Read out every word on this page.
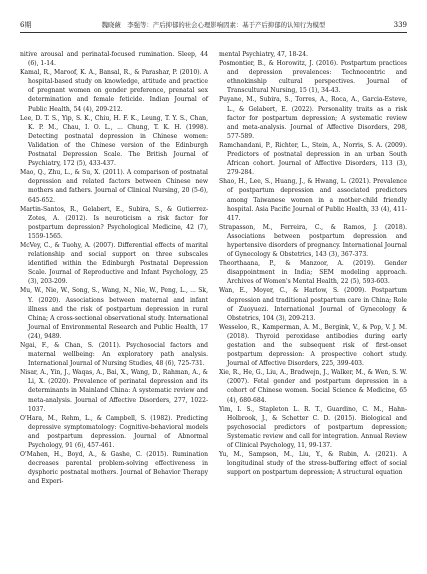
6期	魏晓薇　李强等：产后抑郁的社会心理影响因素：基于产后抑郁的认知行为模型	339

nitive arousal and perinatal-focused rumination. Sleep, 44 (6), 1-14.

Kamal, R., Maroof, K. A., Bansal, R., & Parashar, P. (2010). A hospital-based study on knowledge, attitude and practice of pregnant women on gender preference, prenatal sex determination and female feticide. Indian Journal of Public Health, 54 (4), 209-212.

Lee, D. T. S., Yip, S. K., Chiu, H. F. K., Leung, T. Y. S., Chan, K. P. M., Chau, I. O. L., ... Chung, T. K. H. (1998). Detecting postnatal depression in Chinese women: Validation of the Chinese version of the Edinburgh Postnatal Depression Scale. The British Journal of Psychiatry, 172 (5), 433-437.

Mao, Q., Zhu, L., & Su, X. (2011). A comparison of postnatal depression and related factors between Chinese new mothers and fathers. Journal of Clinical Nursing, 20 (5-6), 645-652.

Martin-Santos, R., Gelabert, E., Subira, S., & Gutierrez-Zotes, A. (2012). Is neuroticism a risk factor for postpartum depression? Psychological Medicine, 42 (7), 1559-1565.

McVey, C., & Tuohy, A. (2007). Differential effects of marital relationship and social support on three subscales identified within the Edinburgh Postnatal Depression Scale. Journal of Reproductive and Infant Psychology, 25 (3), 203-209.

Mu, W., Nie, W., Song, S., Wang, N., Nie, W., Peng, L., ... Sk, Y. (2020). Associations between maternal and infant illness and the risk of postpartum depression in rural China; A cross-sectional observational study. International Journal of Environmental Research and Public Health, 17 (24), 9489.

Ngai, F., & Chan, S. (2011). Psychosocial factors and maternal wellbeing: An exploratory path analysis. International Journal of Nursing Studies, 48 (6), 725-731.

Nisar, A., Yin, J., Waqas, A., Bai, X., Wang, D., Rahman, A., & Li, X. (2020). Prevalence of perinatal depression and its determinants in Mainland China: A systematic review and meta-analysis. Journal of Affective Disorders, 277, 1022-1037.

O'Hara, M., Rehm, L., & Campbell, S. (1982). Predicting depressive symptomatology: Cognitive-behavioral models and postpartum depression. Journal of Abnormal Psychology, 91 (6), 457-461.

O'Mahen, H., Boyd, A., & Gashe, C. (2015). Rumination decreases parental problem-solving effectiveness in dysphoric postnatal mothers. Journal of Behavior Therapy and Experi-

mental Psychiatry, 47, 18-24.

Posmontier, B., & Horowitz, J. (2016). Postpartum practices and depression prevalences: Technocentric and ethnokinship cultural perspectives. Journal of Transcultural Nursing, 15 (1), 34-43.

Puyane, M., Subira, S., Torres, A., Roca, A., Garcia-Esteve, L., & Gelabert, E. (2022). Personality traits as a risk factor for postpartum depression; A systematic review and meta-analysis. Journal of Affective Disorders, 298, 577-589.

Ramchandani, P., Richter, L., Stein, A., Norris, S. A. (2009). Predictors of postnatal depression in an urban South African cohort. Journal of Affective Disorders, 113 (3), 279-284.

Shao, H., Lee, S., Huang, J., & Hwang, L. (2021). Prevalence of postpartum depression and associated predictors among Taiwanese women in a mother-child friendly hospital. Asia Pacific Journal of Public Health, 33 (4), 411-417.

Strapasson, M., Ferreira, C., & Ramos, J. (2018). Associations between postpartum depression and hypertensive disorders of pregnancy. International Journal of Gynecology & Obstetrics, 143 (3), 367-373.

Theorthaana, P., & Manzoor, A. (2019). Gender disappointment in India; SEM modeling approach. Archives of Women's Mental Health, 22 (5), 593-603.

Wan, E., Moyer, C., & Harlow, S. (2009). Postpartum depression and traditional postpartum care in China; Role of Zuoyuezi. International Journal of Gynecology & Obstetrics, 104 (3), 209-213.

Wesseloo, R., Kamperman, A. M., Bergink, V., & Pop, V. J. M. (2018). Thyroid peroxidase antibodies during early gestation and the subsequent risk of first-onset postpartum depression: A prospective cohort study. Journal of Affective Disorders, 225, 399-403.

Xie, R., He, G., Liu, A., Bradwejn, J., Walker, M., & Wen, S. W. (2007). Fetal gender and postpartum depression in a cohort of Chinese women. Social Science & Medicine, 65 (4), 680-684.

Yim, I. S., Stapleton L. R. T., Guardino, C. M., Hahn-Holbrook, J., & Schetter C. D. (2015). Biological and psychosocial predictors of postpartum depression; Systematic review and call for integration. Annual Review of Clinical Psychology, 11, 99-137.

Yu, M., Sampson, M., Liu, Y., & Rubin, A. (2021). A longitudinal study of the stress-buffering effect of social support on postpartum depression; A structural equation
